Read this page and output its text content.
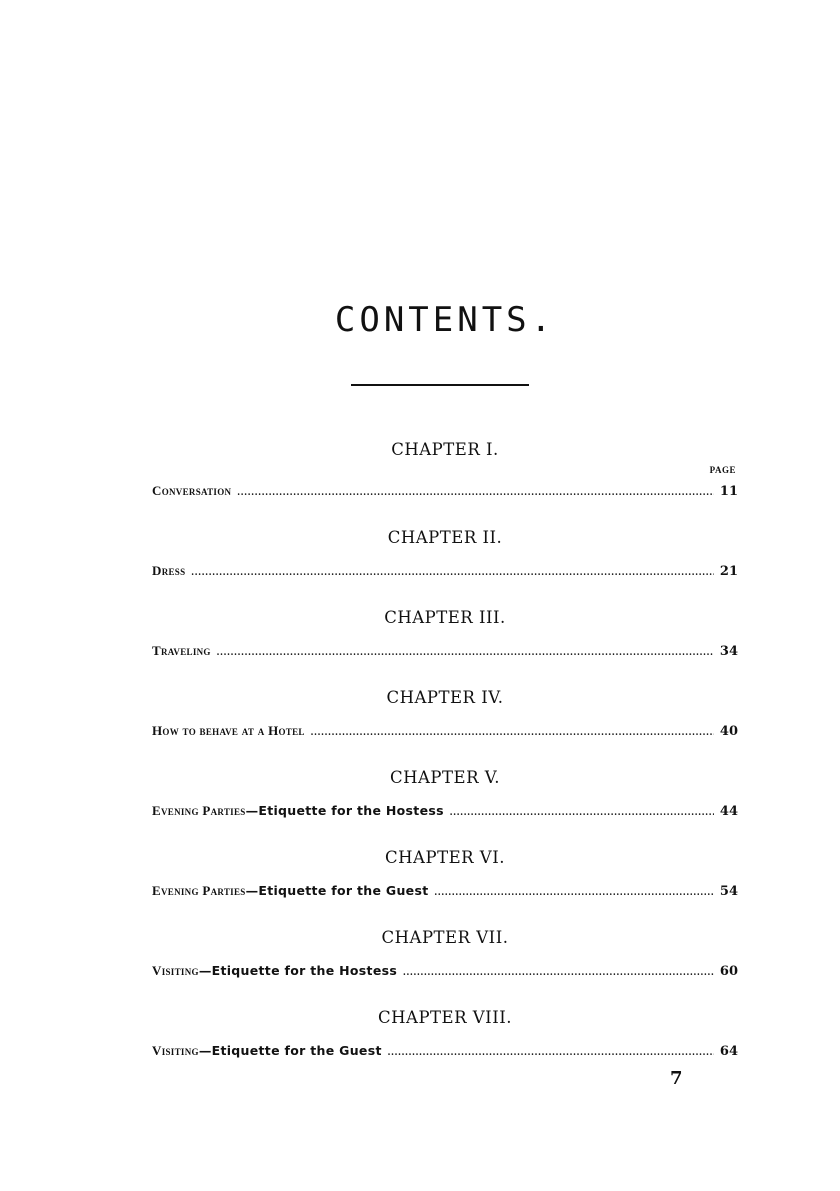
CONTENTS.
CHAPTER I.
PAGE
Conversation .....	11
CHAPTER II.
Dress .....	21
CHAPTER III.
Traveling .....	34
CHAPTER IV.
How to behave at a Hotel .....	40
CHAPTER V.
Evening Parties—Etiquette for the Hostess .....	44
CHAPTER VI.
Evening Parties—Etiquette for the Guest .....	54
CHAPTER VII.
Visiting—Etiquette for the Hostess .....	60
CHAPTER VIII.
Visiting—Etiquette for the Guest .....	64
7
